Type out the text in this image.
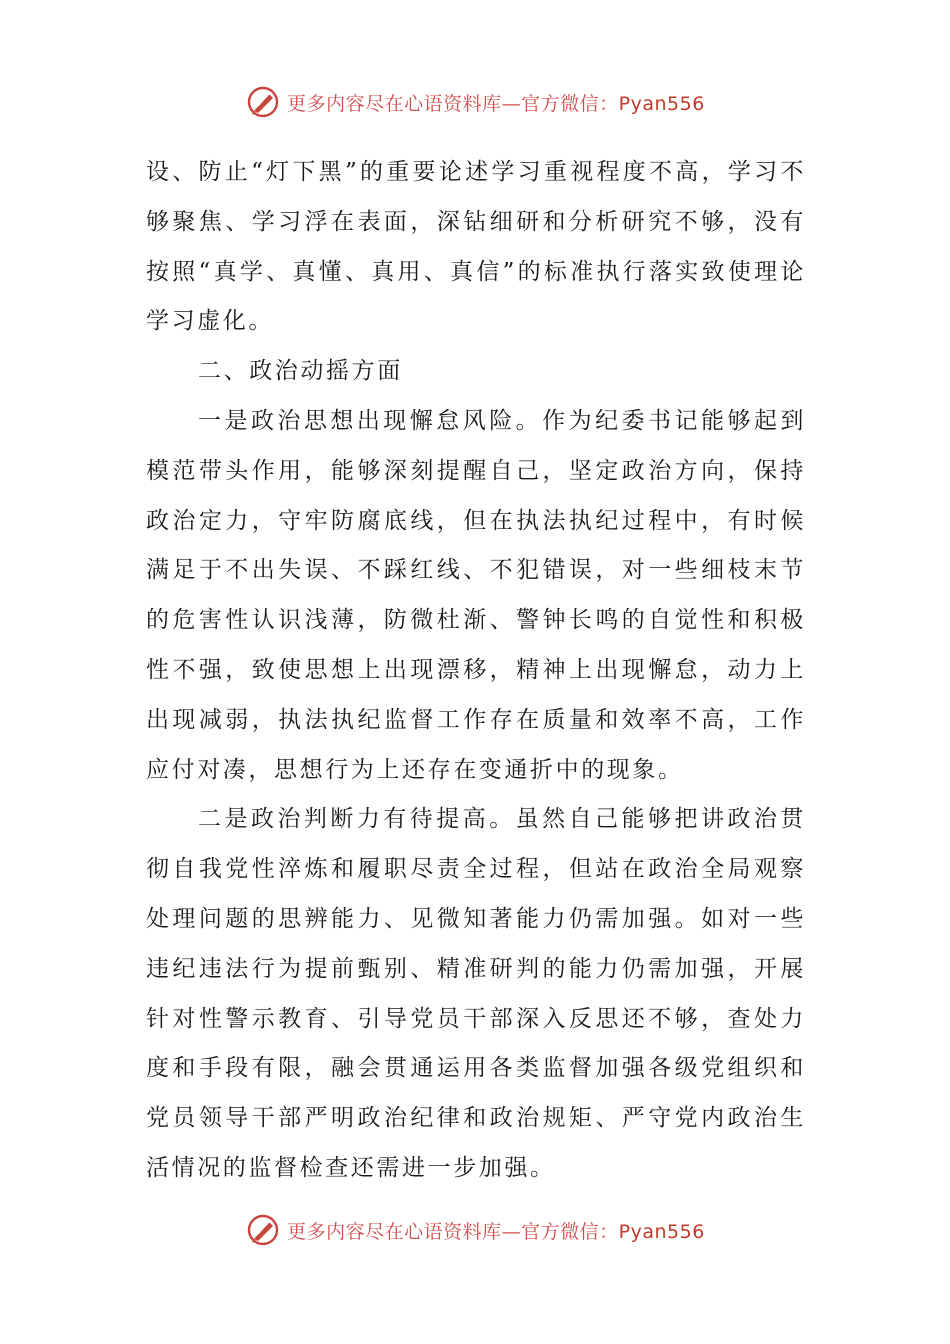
更多内容尽在心语资料库—官方微信：Pyan556

设、防止“灯下黑”的重要论述学习重视程度不高，学习不够聚焦、学习浮在表面，深钻细研和分析研究不够，没有按照“真学、真懂、真用、真信”的标准执行落实致使理论学习虚化。

二、政治动摇方面

一是政治思想出现懈怠风险。作为纪委书记能够起到模范带头作用，能够深刻提醒自己，坚定政治方向，保持政治定力，守牢防腐底线，但在执法执纪过程中，有时候满足于不出失误、不踩红线、不犯错误，对一些细枝末节的危害性认识浅薄，防微杜渐、警钟长鸣的自觉性和积极性不强，致使思想上出现漂移，精神上出现懈怠，动力上出现减弱，执法执纪监督工作存在质量和效率不高，工作应付对凑，思想行为上还存在变通折中的现象。

二是政治判断力有待提高。虽然自己能够把讲政治贯彻自我党性淬炼和履职尽责全过程，但站在政治全局观察处理问题的思辨能力、见微知著能力仍需加强。如对一些违纪违法行为提前甄别、精准研判的能力仍需加强，开展针对性警示教育、引导党员干部深入反思还不够，查处力度和手段有限，融会贯通运用各类监督加强各级党组织和党员领导干部严明政治纪律和政治规矩、严守党内政治生活情况的监督检查还需进一步加强。

更多内容尽在心语资料库—官方微信：Pyan556
